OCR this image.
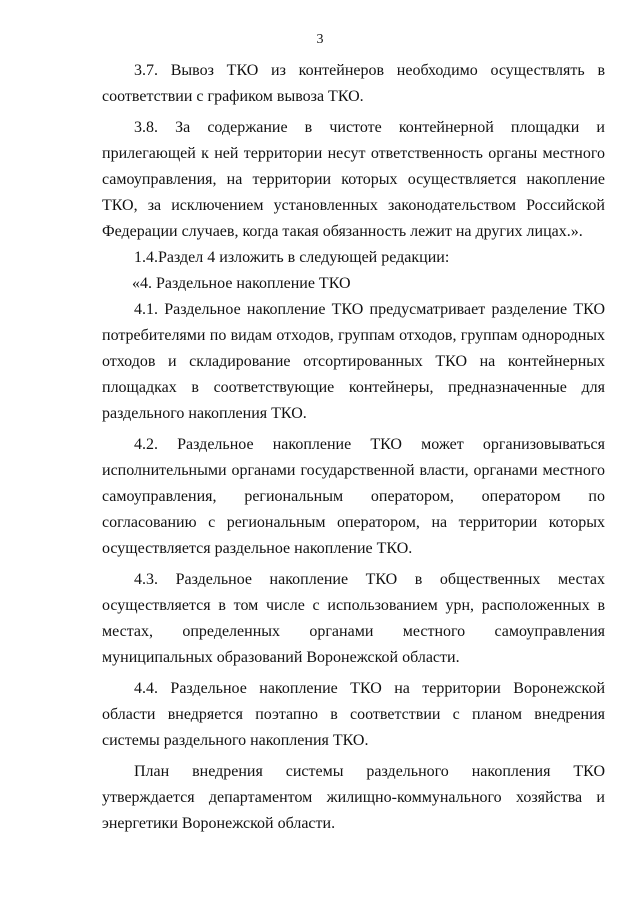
3

3.7. Вывоз ТКО из контейнеров необходимо осуществлять в соответствии с графиком вывоза ТКО.

3.8. За содержание в чистоте контейнерной площадки и прилегающей к ней территории несут ответственность органы местного самоуправления, на территории которых осуществляется накопление ТКО, за исключением установленных законодательством Российской Федерации случаев, когда такая обязанность лежит на других лицах.».

1.4.Раздел 4 изложить в следующей редакции:

«4. Раздельное накопление ТКО

4.1. Раздельное накопление ТКО предусматривает разделение ТКО потребителями по видам отходов, группам отходов, группам однородных отходов и складирование отсортированных ТКО на контейнерных площадках в соответствующие контейнеры, предназначенные для раздельного накопления ТКО.

4.2. Раздельное накопление ТКО может организовываться исполнительными органами государственной власти, органами местного самоуправления, региональным оператором, оператором по согласованию с региональным оператором, на территории которых осуществляется раздельное накопление ТКО.

4.3. Раздельное накопление ТКО в общественных местах осуществляется в том числе с использованием урн, расположенных в местах, определенных органами местного самоуправления муниципальных образований Воронежской области.

4.4. Раздельное накопление ТКО на территории Воронежской области внедряется поэтапно в соответствии с планом внедрения системы раздельного накопления ТКО.

План внедрения системы раздельного накопления ТКО утверждается департаментом жилищно-коммунального хозяйства и энергетики Воронежской области.
